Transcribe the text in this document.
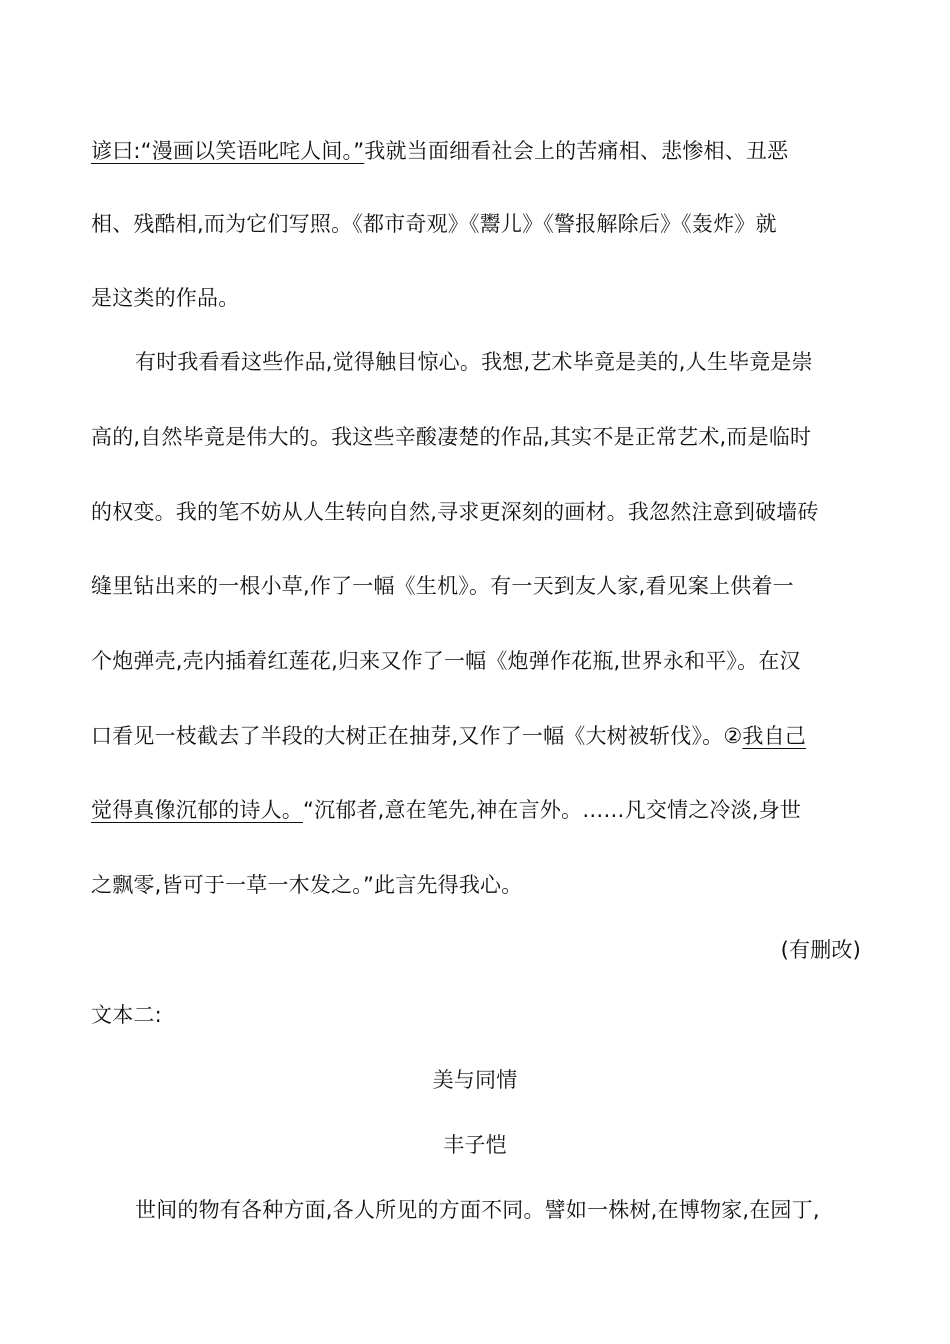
谚曰:“漫画以笑语叱咤人间。”我就当面细看社会上的苦痛相、悲惨相、丑恶
相、残酷相,而为它们写照。《都市奇观》《鬻儿》《警报解除后》《轰炸》就
是这类的作品。
有时我看看这些作品,觉得触目惊心。我想,艺术毕竟是美的,人生毕竟是崇
高的,自然毕竟是伟大的。我这些辛酸凄楚的作品,其实不是正常艺术,而是临时
的权变。我的笔不妨从人生转向自然,寻求更深刻的画材。我忽然注意到破墙砖
缝里钻出来的一根小草,作了一幅《生机》。有一天到友人家,看见案上供着一
个炮弹壳,壳内插着红莲花,归来又作了一幅《炮弹作花瓶,世界永和平》。在汉
口看见一枝截去了半段的大树正在抽芽,又作了一幅《大树被斩伐》。②我自己
觉得真像沉郁的诗人。“沉郁者,意在笔先,神在言外。……凡交情之冷淡,身世
之飘零,皆可于一草一木发之。”此言先得我心。
(有删改)
文本二:
美与同情
丰子恺
世间的物有各种方面,各人所见的方面不同。譬如一株树,在博物家,在园丁,
